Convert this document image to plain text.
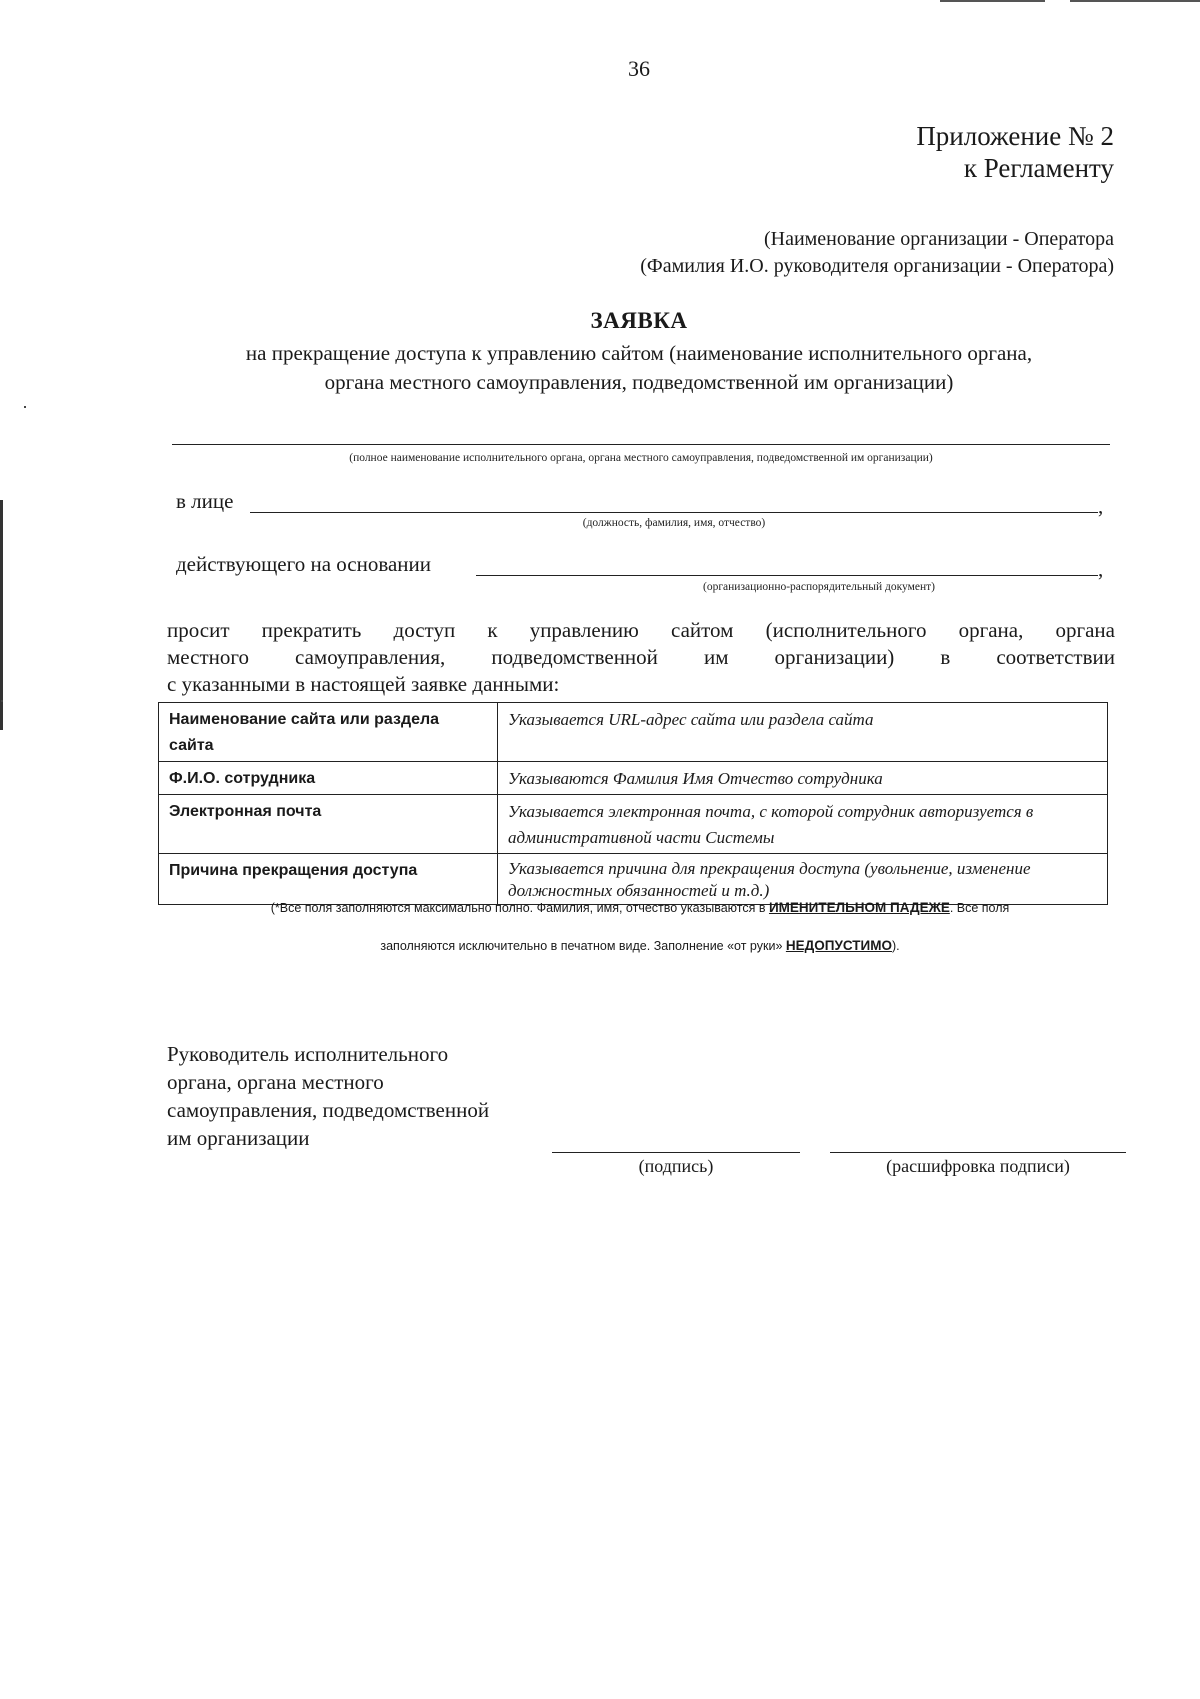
36
Приложение № 2
к Регламенту
(Наименование организации - Оператора
(Фамилия И.О. руководителя организации - Оператора)
ЗАЯВКА
на прекращение доступа к управлению сайтом (наименование исполнительного органа,
органа местного самоуправления, подведомственной им организации)
(полное наименование исполнительного органа, органа местного самоуправления, подведомственной им организации)
в лице	,
(должность, фамилия, имя, отчество)
действующего на основании	,
(организационно-распорядительный документ)
просит прекратить доступ к управлению сайтом (исполнительного органа, органа
местного самоуправления, подведомственной им организации) в соответствии
с указанными в настоящей заявке данными:
Наименование сайта или раздела сайта	Указывается URL-адрес сайта или раздела сайта
Ф.И.О. сотрудника	Указываются Фамилия Имя Отчество сотрудника
Электронная почта	Указывается электронная почта, с которой сотрудник авторизуется в административной части Системы
Причина прекращения доступа	Указывается причина для прекращения доступа (увольнение, изменение должностных обязанностей и т.д.)
(*Все поля заполняются максимально полно. Фамилия, имя, отчество указываются в ИМЕНИТЕЛЬНОМ ПАДЕЖЕ. Все поля
заполняются исключительно в печатном виде. Заполнение «от руки» НЕДОПУСТИМО).
Руководитель исполнительного
органа, органа местного
самоуправления, подведомственной
им организации
(подпись)	(расшифровка подписи)
